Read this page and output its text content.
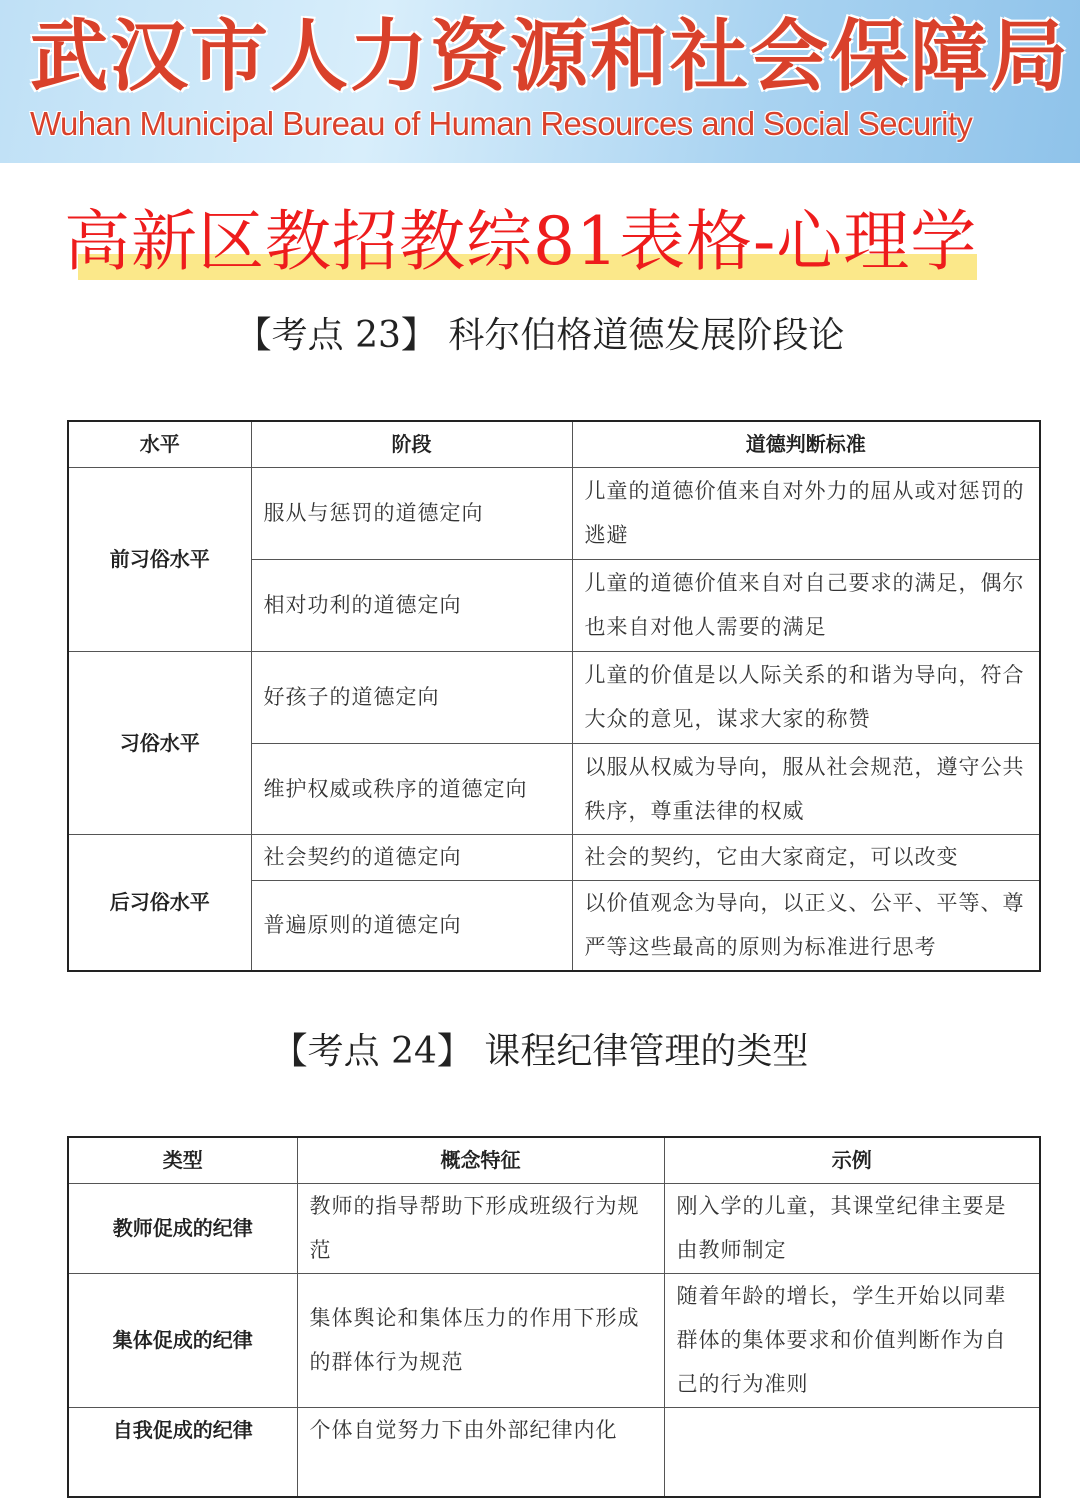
武汉市人力资源和社会保障局
Wuhan Municipal Bureau of Human Resources and Social Security
高新区教招教综81表格-心理学
【考点 23】 科尔伯格道德发展阶段论
水平	阶段	道德判断标准
前习俗水平	服从与惩罚的道德定向	儿童的道德价值来自对外力的屈从或对惩罚的逃避
	相对功利的道德定向	儿童的道德价值来自对自己要求的满足，偶尔也来自对他人需要的满足
习俗水平	好孩子的道德定向	儿童的价值是以人际关系的和谐为导向，符合大众的意见，谋求大家的称赞
	维护权威或秩序的道德定向	以服从权威为导向，服从社会规范，遵守公共秩序，尊重法律的权威
后习俗水平	社会契约的道德定向	社会的契约，它由大家商定，可以改变
	普遍原则的道德定向	以价值观念为导向，以正义、公平、平等、尊严等这些最高的原则为标准进行思考
【考点 24】 课程纪律管理的类型
类型	概念特征	示例
教师促成的纪律	教师的指导帮助下形成班级行为规范	刚入学的儿童，其课堂纪律主要是由教师制定
集体促成的纪律	集体舆论和集体压力的作用下形成的群体行为规范	随着年龄的增长，学生开始以同辈群体的集体要求和价值判断作为自己的行为准则
自我促成的纪律	个体自觉努力下由外部纪律内化	
